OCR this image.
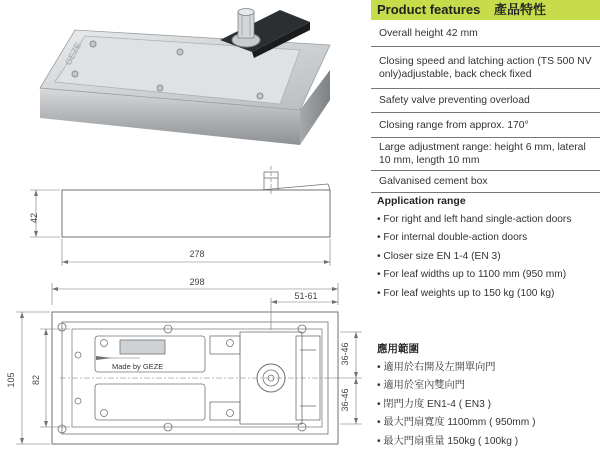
GEZE
42
278
298
51-61
105 82
36-46
36-46
Made by GEZE
Product features 產品特性
Overall height 42 mm
Closing speed and latching action (TS 500 NV only)adjustable, back check fixed
Safety valve preventing overload
Closing range from approx. 170°
Large adjustment range: height 6 mm, lateral 10 mm, length 10 mm
Galvanised cement box
Application range
• For right and left hand single-action doors
• For internal double-action doors
• Closer size EN 1-4 (EN 3)
• For leaf widths up to 1100 mm (950 mm)
• For leaf weights up to 150 kg (100 kg)
應用範圍
• 適用於右開及左開單向門
• 適用於室內雙向門
• 閉門力度 EN1-4 ( EN3 )
• 最大門扇寬度 1100mm ( 950mm )
• 最大門扇重量 150kg ( 100kg )
